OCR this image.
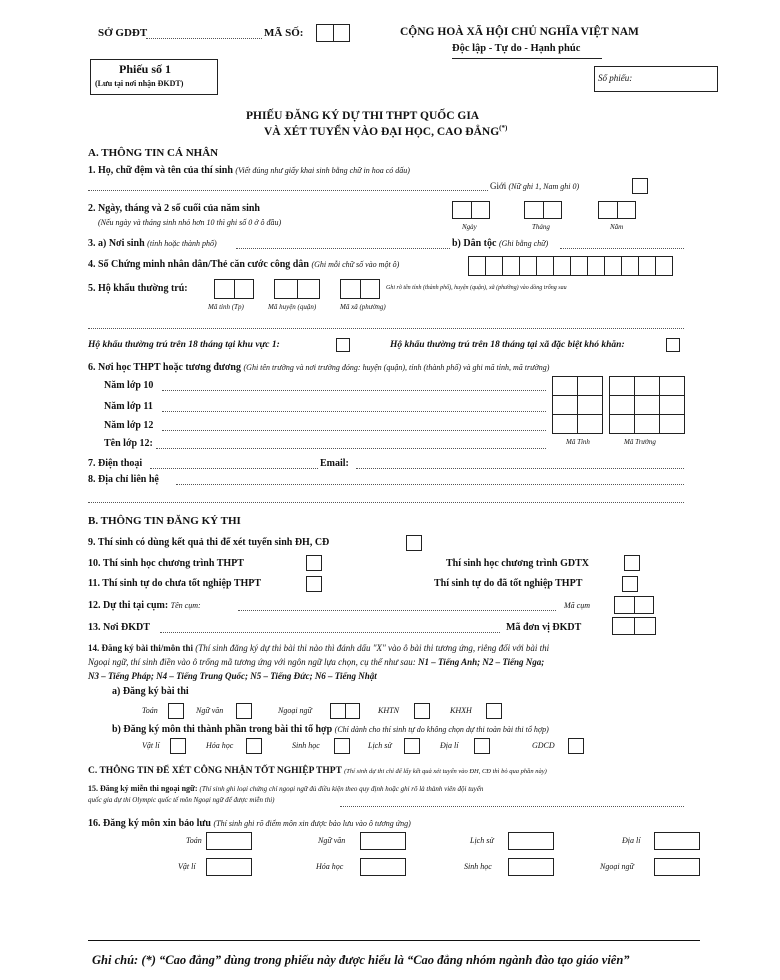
SỞ GDĐT	MÃ SỐ:	CỘNG HOÀ XÃ HỘI CHỦ NGHĨA VIỆT NAM
Độc lập - Tự do - Hạnh phúc
Phiếu số 1
(Lưu tại nơi nhận ĐKDT)
Số phiếu:
PHIẾU ĐĂNG KÝ DỰ THI THPT QUỐC GIA
VÀ XÉT TUYỂN VÀO ĐẠI HỌC, CAO ĐẲNG(*)
A. THÔNG TIN CÁ NHÂN
1. Họ, chữ đệm và tên của thí sinh (Viết đúng như giấy khai sinh bằng chữ in hoa có dấu)
Giới (Nữ ghi 1, Nam ghi 0)
2. Ngày, tháng và 2 số cuối của năm sinh
(Nếu ngày và tháng sinh nhỏ hơn 10 thì ghi số 0 ở ô đầu)	Ngày	Tháng	Năm
3. a) Nơi sinh (tỉnh hoặc thành phố)	b) Dân tộc (Ghi bằng chữ)
4. Số Chứng minh nhân dân/Thẻ căn cước công dân (Ghi mỗi chữ số vào một ô)

5. Hộ khẩu thường trú:
Mã tỉnh (Tp)	Mã huyện (quận)	Mã xã (phường)
Ghi rõ tên tỉnh (thành phố), huyện (quận), xã (phường) vào dòng trống sau
Hộ khẩu thường trú trên 18 tháng tại khu vực 1:	Hộ khẩu thường trú trên 18 tháng tại xã đặc biệt khó khăn:
6. Nơi học THPT hoặc tương đương (Ghi tên trường và nơi trường đóng: huyện (quận), tỉnh (thành phố) và ghi mã tỉnh, mã trường)
Năm lớp 10
Năm lớp 11
Năm lớp 12
Tên lớp 12:

						Mã Tỉnh	Mã Trường
7. Điện thoại	Email:
8. Địa chỉ liên hệ
B. THÔNG TIN ĐĂNG KÝ THI
9. Thí sinh có dùng kết quả thi để xét tuyển sinh ĐH, CĐ
10. Thí sinh học chương trình THPT	Thí sinh học chương trình GDTX
11. Thí sinh tự do chưa tốt nghiệp THPT	Thí sinh tự do đã tốt nghiệp THPT
12. Dự thi tại cụm: Tên cụm:	Mã cụm
13. Nơi ĐKDT	Mã đơn vị ĐKDT
14. Đăng ký bài thi/môn thi (Thí sinh đăng ký dự thi bài thi nào thì đánh dấu "X" vào ô bài thi tương ứng, riêng đối với bài thi
Ngoại ngữ, thí sinh điền vào ô trống mã tương ứng với ngôn ngữ lựa chọn, cụ thể như sau: N1 – Tiếng Anh; N2 – Tiếng Nga;
N3 – Tiếng Pháp; N4 – Tiếng Trung Quốc; N5 – Tiếng Đức; N6 – Tiếng Nhật
a) Đăng ký bài thi
Toán	Ngữ văn	Ngoại ngữ	KHTN	KHXH
b) Đăng ký môn thi thành phần trong bài thi tổ hợp (Chỉ dành cho thí sinh tự do không chọn dự thi toàn bài thi tổ hợp)
Vật lí	Hóa học	Sinh học	Lịch sử	Địa lí	GDCD
C. THÔNG TIN ĐỂ XÉT CÔNG NHẬN TỐT NGHIỆP THPT (Thí sinh dự thi chỉ để lấy kết quả xét tuyển vào ĐH, CĐ thì bỏ qua phần này)
15. Đăng ký miễn thi ngoại ngữ: (Thí sinh ghi loại chứng chỉ ngoại ngữ đủ điều kiện theo quy định hoặc ghi rõ là thành viên đội tuyển
quốc gia dự thi Olympic quốc tế môn Ngoại ngữ để được miễn thi)
16. Đăng ký môn xin bảo lưu (Thí sinh ghi rõ điểm môn xin được bảo lưu vào ô tương ứng)
Toán	Ngữ văn	Lịch sử	Địa lí
Vật lí	Hóa học	Sinh học	Ngoại ngữ
Ghi chú: (*) “Cao đẳng” dùng trong phiếu này được hiểu là “Cao đẳng nhóm ngành đào tạo giáo viên”
